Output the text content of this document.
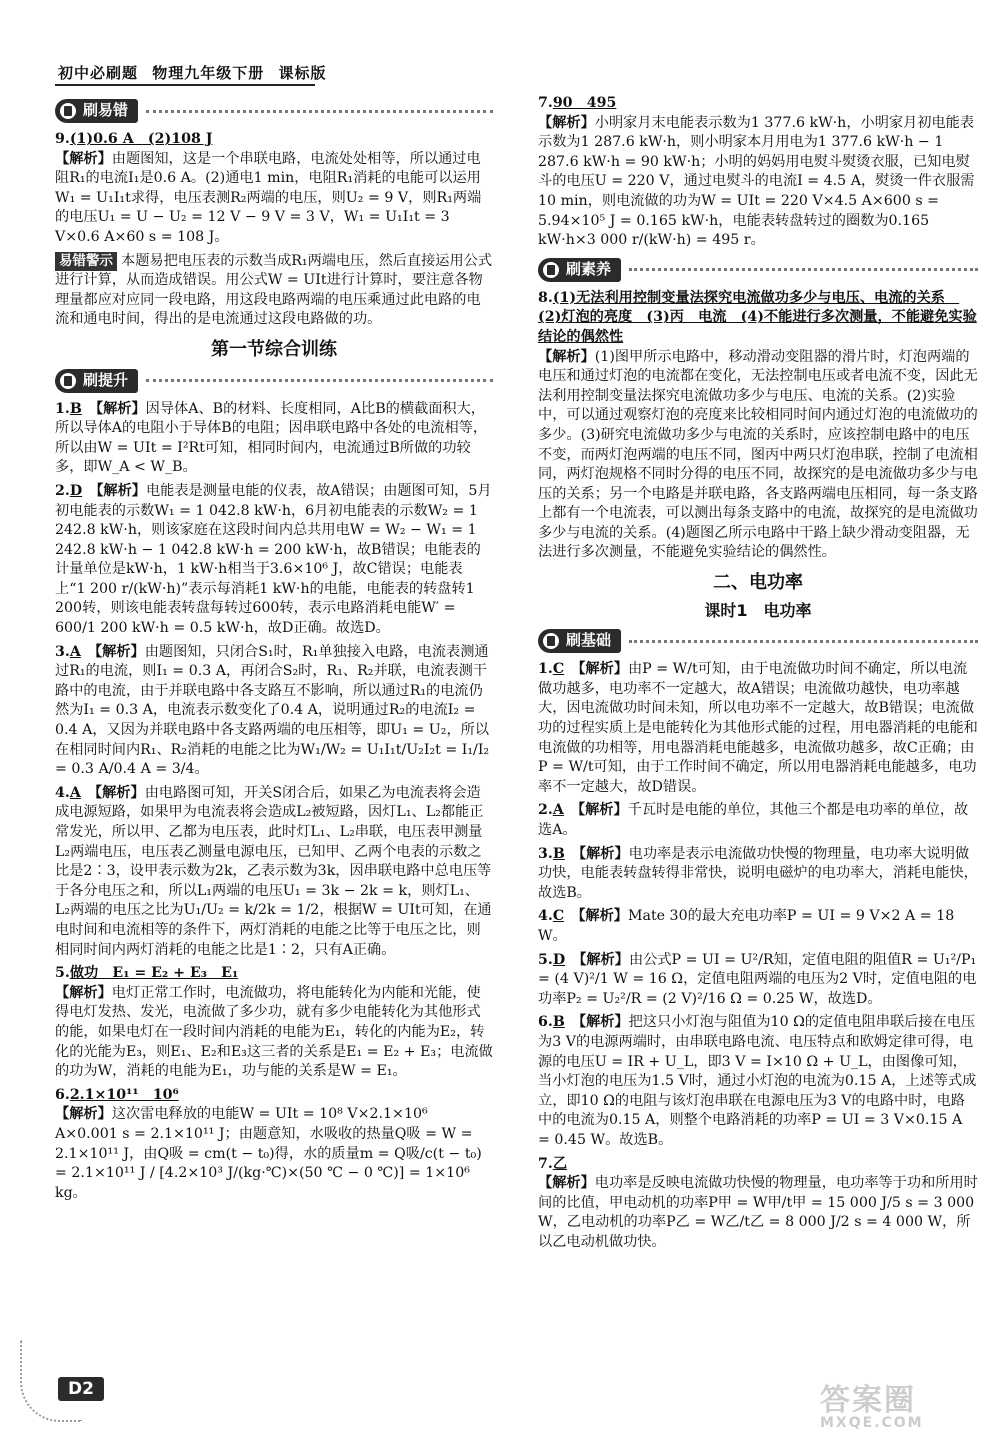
初中必刷题 物理九年级下册 课标版
刷易错

9.(1)0.6 A　(2)108 J

【解析】由题图知，这是一个串联电路，电流处处相等，所以通过电阻R₁的电流I₁是0.6 A。(2)通电1 min，电阻R₁消耗的电能可以运用W₁ = U₁I₁t求得，电压表测R₂两端的电压，则U₂ = 9 V，则R₁两端的电压U₁ = U − U₂ = 12 V − 9 V = 3 V，W₁ = U₁I₁t = 3 V×0.6 A×60 s = 108 J。

易错警示 本题易把电压表的示数当成R₁两端电压，然后直接运用公式进行计算，从而造成错误。用公式W = UIt进行计算时，要注意各物理量都应对应同一段电路，用这段电路两端的电压乘通过此电路的电流和通电时间，得出的是电流通过这段电路做的功。

第一节综合训练
刷提升

1.B　 【解析】因导体A、B的材料、长度相同，A比B的横截面积大，所以导体A的电阻小于导体B的电阻；因串联电路中各处的电流相等，所以由W = UIt = I²Rt可知，相同时间内，电流通过B所做的功较多，即W_A < W_B。

2.D　 【解析】电能表是测量电能的仪表，故A错误；由题图可知，5月初电能表的示数W₁ = 1 042.8 kW·h，6月初电能表的示数W₂ = 1 242.8 kW·h，则该家庭在这段时间内总共用电W = W₂ − W₁ = 1 242.8 kW·h − 1 042.8 kW·h = 200 kW·h，故B错误；电能表的计量单位是kW·h，1 kW·h相当于3.6×10⁶ J，故C错误；电能表上“1 200 r/(kW·h)”表示每消耗1 kW·h的电能，电能表的转盘转1 200转，则该电能表转盘每转过600转，表示电路消耗电能W′ = 600/1 200 kW·h = 0.5 kW·h，故D正确。故选D。

3.A　 【解析】由题图知，只闭合S₁时，R₁单独接入电路，电流表测通过R₁的电流，则I₁ = 0.3 A，再闭合S₂时，R₁、R₂并联，电流表测干路中的电流，由于并联电路中各支路互不影响，所以通过R₁的电流仍然为I₁ = 0.3 A，电流表示数变化了0.4 A，说明通过R₂的电流I₂ = 0.4 A，又因为并联电路中各支路两端的电压相等，即U₁ = U₂，所以在相同时间内R₁、R₂消耗的电能之比为W₁/W₂ = U₁I₁t/U₂I₂t = I₁/I₂ = 0.3 A/0.4 A = 3/4。

4.A　 【解析】由电路图可知，开关S闭合后，如果乙为电流表将会造成电源短路，如果甲为电流表将会造成L₂被短路，因灯L₁、L₂都能正常发光，所以甲、乙都为电压表，此时灯L₁、L₂串联，电压表甲测量L₂两端电压，电压表乙测量电源电压，已知甲、乙两个电表的示数之比是2∶3，设甲表示数为2k，乙表示数为3k，因串联电路中总电压等于各分电压之和，所以L₁两端的电压U₁ = 3k − 2k = k，则灯L₁、L₂两端的电压之比为U₁/U₂ = k/2k = 1/2，根据W = UIt可知，在通电时间和电流相等的条件下，两灯消耗的电能之比等于电压之比，则相同时间内两灯消耗的电能之比是1∶2，只有A正确。

5.做功　E₁ = E₂ + E₃　E₁

【解析】电灯正常工作时，电流做功，将电能转化为内能和光能，使得电灯发热、发光，电流做了多少功，就有多少电能转化为其他形式的能，如果电灯在一段时间内消耗的电能为E₁，转化的内能为E₂，转化的光能为E₃，则E₁、E₂和E₃这三者的关系是E₁ = E₂ + E₃；电流做的功为W，消耗的电能为E₁，功与能的关系是W = E₁。

6.2.1×10¹¹　10⁶

【解析】这次雷电释放的电能W = UIt = 10⁸ V×2.1×10⁶ A×0.001 s = 2.1×10¹¹ J；由题意知，水吸收的热量Q吸 = W = 2.1×10¹¹ J，由Q吸 = cm(t − t₀)得，水的质量m = Q吸/c(t − t₀) = 2.1×10¹¹ J / [4.2×10³ J/(kg·℃)×(50 ℃ − 0 ℃)] = 1×10⁶ kg。

7.90　495

【解析】小明家月末电能表示数为1 377.6 kW·h，小明家月初电能表示数为1 287.6 kW·h，则小明家本月用电为1 377.6 kW·h − 1 287.6 kW·h = 90 kW·h；小明的妈妈用电熨斗熨烫衣服，已知电熨斗的电压U = 220 V，通过电熨斗的电流I = 4.5 A，熨烫一件衣服需10 min，则电流做的功为W = UIt = 220 V×4.5 A×600 s = 5.94×10⁵ J = 0.165 kW·h，电能表转盘转过的圈数为0.165 kW·h×3 000 r/(kW·h) = 495 r。

刷素养

8.(1)无法利用控制变量法探究电流做功多少与电压、电流的关系　(2)灯泡的亮度　(3)丙　电流　(4)不能进行多次测量，不能避免实验结论的偶然性

【解析】(1)图甲所示电路中，移动滑动变阻器的滑片时，灯泡两端的电压和通过灯泡的电流都在变化，无法控制电压或者电流不变，因此无法利用控制变量法探究电流做功多少与电压、电流的关系。(2)实验中，可以通过观察灯泡的亮度来比较相同时间内通过灯泡的电流做功的多少。(3)研究电流做功多少与电流的关系时，应该控制电路中的电压不变，而两灯泡两端的电压不同，图丙中两只灯泡串联，控制了电流相同，两灯泡规格不同时分得的电压不同，故探究的是电流做功多少与电压的关系；另一个电路是并联电路，各支路两端电压相同，每一条支路上都有一个电流表，可以测出每条支路中的电流，故探究的是电流做功多少与电流的关系。(4)题图乙所示电路中干路上缺少滑动变阻器，无法进行多次测量，不能避免实验结论的偶然性。

二、电功率
课时1　电功率
刷基础

1.C　 【解析】由P = W/t可知，由于电流做功时间不确定，所以电流做功越多，电功率不一定越大，故A错误；电流做功越快，电功率越大，因电流做功时间未知，所以电功率不一定越大，故B错误；电流做功的过程实质上是电能转化为其他形式能的过程，用电器消耗的电能和电流做的功相等，用电器消耗电能越多，电流做功越多，故C正确；由P = W/t可知，由于工作时间不确定，所以用电器消耗电能越多，电功率不一定越大，故D错误。

2.A　 【解析】千瓦时是电能的单位，其他三个都是电功率的单位，故选A。

3.B　 【解析】电功率是表示电流做功快慢的物理量，电功率大说明做功快，电能表转盘转得非常快，说明电磁炉的电功率大，消耗电能快，故选B。

4.C　 【解析】Mate 30的最大充电功率P = UI = 9 V×2 A = 18 W。

5.D　 【解析】由公式P = UI = U²/R知，定值电阻的阻值R = U₁²/P₁ = (4 V)²/1 W = 16 Ω，定值电阻两端的电压为2 V时，定值电阻的电功率P₂ = U₂²/R = (2 V)²/16 Ω = 0.25 W，故选D。

6.B　 【解析】把这只小灯泡与阻值为10 Ω的定值电阻串联后接在电压为3 V的电源两端时，由串联电路电流、电压特点和欧姆定律可得，电源的电压U = IR + U_L，即3 V = I×10 Ω + U_L，由图像可知，当小灯泡的电压为1.5 V时，通过小灯泡的电流为0.15 A，上述等式成立，即10 Ω的电阻与该灯泡串联在电源电压为3 V的电路中时，电路中的电流为0.15 A，则整个电路消耗的功率P = UI = 3 V×0.15 A = 0.45 W。故选B。

7.乙

【解析】电功率是反映电流做功快慢的物理量，电功率等于功和所用时间的比值，甲电动机的功率P甲 = W甲/t甲 = 15 000 J/5 s = 3 000 W，乙电动机的功率P乙 = W乙/t乙 = 8 000 J/2 s = 4 000 W，所以乙电动机做功快。

D2	答案圈
MXQE.COM
